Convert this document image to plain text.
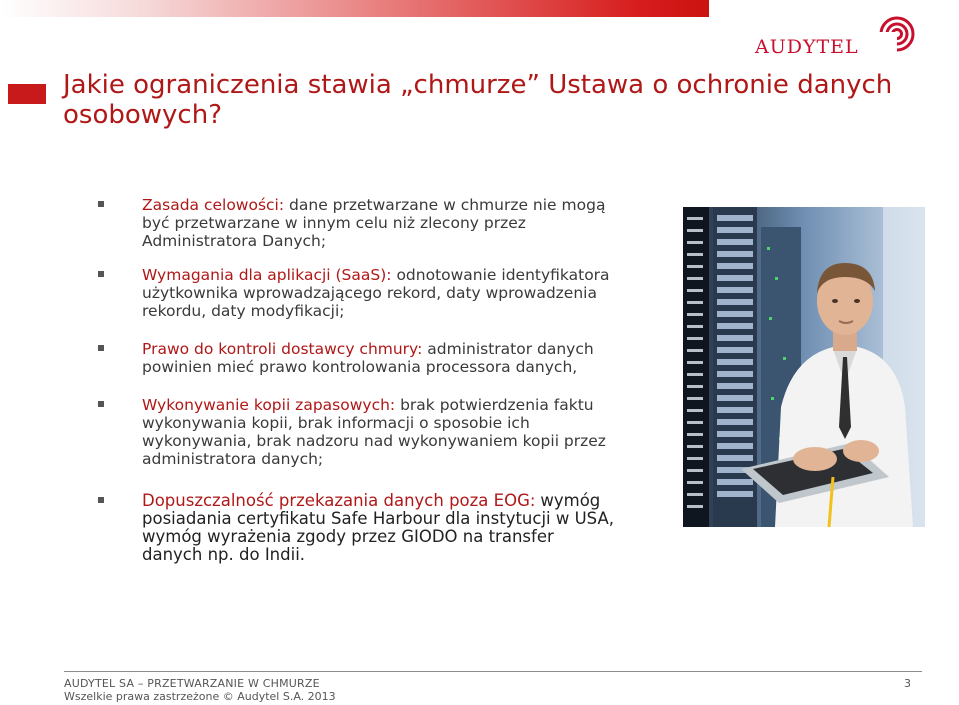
AUDYTEL
Jakie ograniczenia stawia „chmurze” Ustawa o ochronie danych osobowych?
Zasada celowości: dane przetwarzane w chmurze nie mogą być przetwarzane w innym celu niż zlecony przez Administratora Danych;
Wymagania dla aplikacji (SaaS): odnotowanie identyfikatora użytkownika wprowadzającego rekord, daty wprowadzenia rekordu, daty modyfikacji;
Prawo do kontroli dostawcy chmury: administrator danych powinien mieć prawo kontrolowania processora danych,
Wykonywanie kopii zapasowych: brak potwierdzenia faktu wykonywania kopii, brak informacji o sposobie ich wykonywania, brak nadzoru nad wykonywaniem kopii przez administratora danych;
Dopuszczalność przekazania danych poza EOG: wymóg posiadania certyfikatu Safe Harbour dla instytucji w USA, wymóg wyrażenia zgody przez GIODO na transfer danych np. do Indii.
AUDYTEL SA – PRZETWARZANIE W CHMURZE
Wszelkie prawa zastrzeżone © Audytel S.A. 2013
3
